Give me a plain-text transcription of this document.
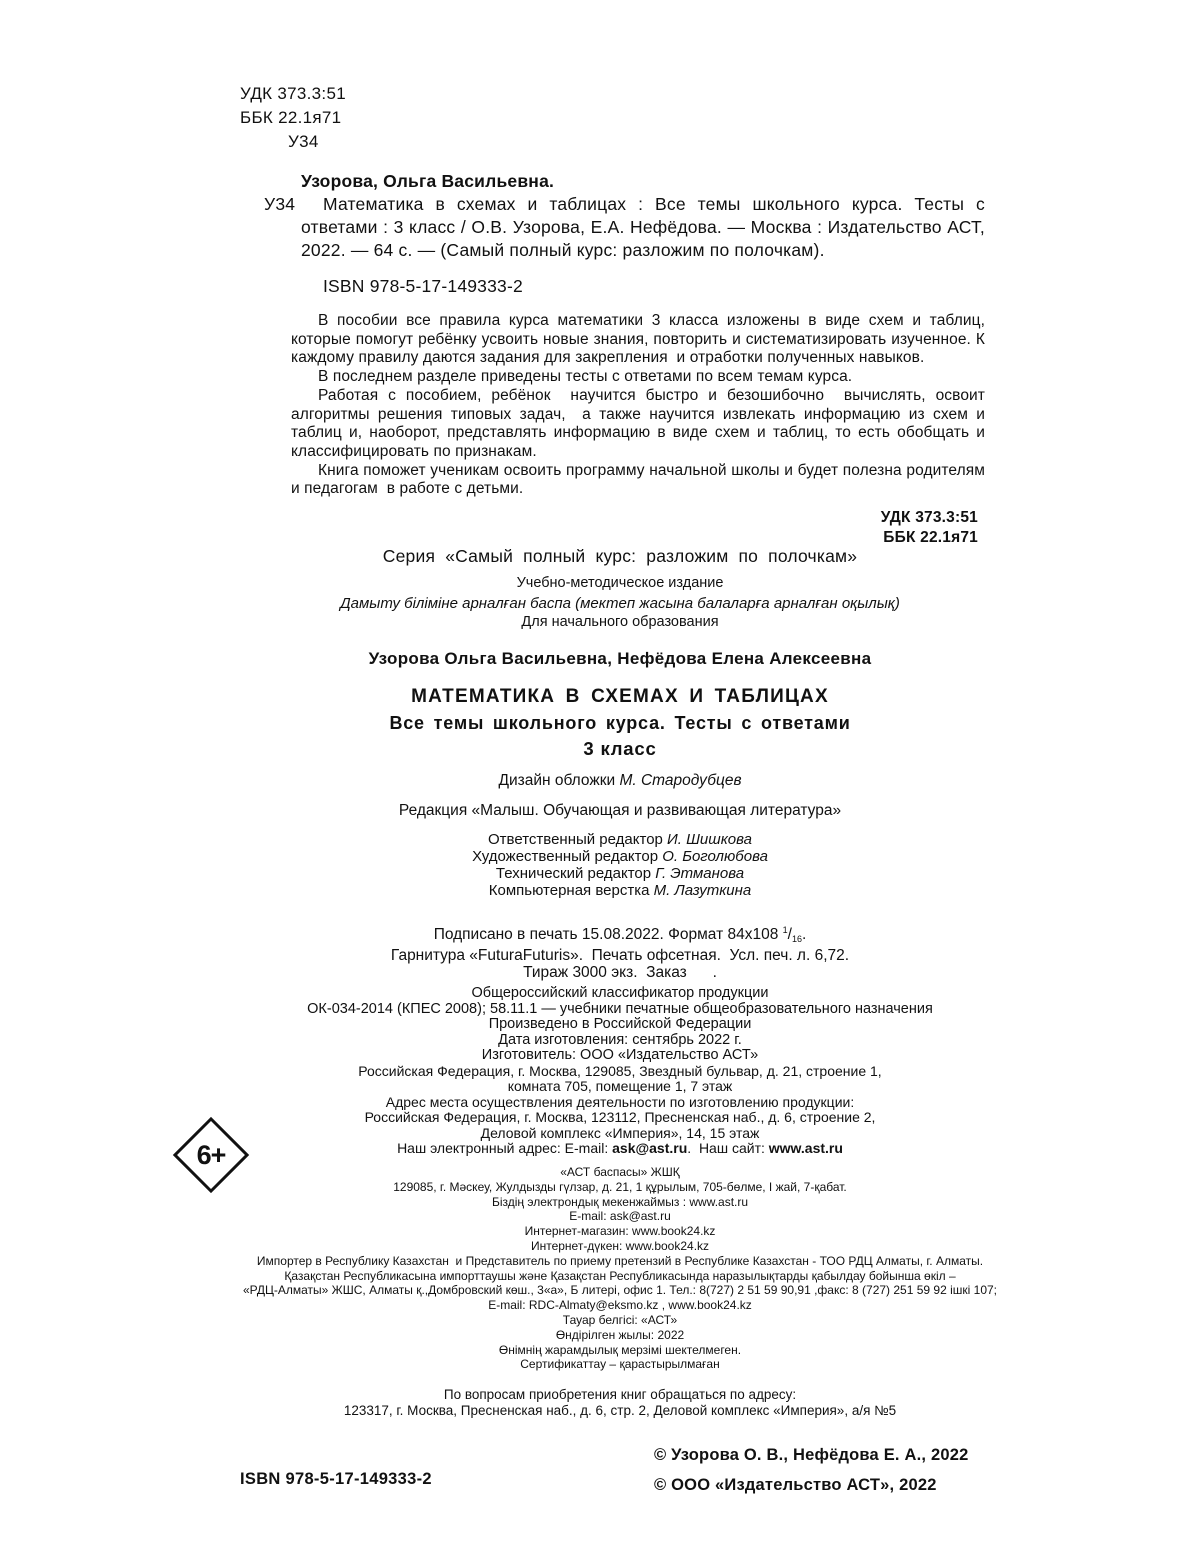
УДК 373.3:51
ББК 22.1я71
У34
Узорова, Ольга Васильевна.
У34 Математика в схемах и таблицах : Все темы школьного курса. Тесты с ответами : 3 класс / О.В. Узорова, Е.А. Нефёдова. — Москва : Издательство АСТ, 2022. — 64 с. — (Самый полный курс: разложим по полочкам).
ISBN 978-5-17-149333-2

В пособии все правила курса математики 3 класса изложены в виде схем и таблиц, которые помогут ребёнку усвоить новые знания, повторить и систематизировать изученное. К каждому правилу даются задания для закрепления  и отработки полученных навыков.

В последнем разделе приведены тесты с ответами по всем темам курса.

Работая с пособием, ребёнок  научится быстро и безошибочно  вычислять, освоит алгоритмы решения типовых задач,  а также научится извлекать информацию из схем и таблиц и, наоборот, представлять информацию в виде схем и таблиц, то есть обобщать и классифицировать по признакам.

Книга поможет ученикам освоить программу начальной школы и будет полезна родителям и педагогам  в работе с детьми.

УДК 373.3:51
ББК 22.1я71
Серия «Самый полный курс: разложим по полочкам»
Учебно-методическое издание
Дамыту біліміне арналған баспа (мектеп жасына балаларға арналған оқылық)
Для начального образования
Узорова Ольга Васильевна, Нефёдова Елена Алексеевна
МАТЕМАТИКА В СХЕМАХ И ТАБЛИЦАХ
Все темы школьного курса. Тесты с ответами
3 класс
Дизайн обложки М. Стародубцев
Редакция «Малыш. Обучающая и развивающая литература»
Ответственный редактор И. Шишкова
Художественный редактор О. Боголюбова
Технический редактор Г. Этманова
Компьютерная верстка М. Лазуткина
Подписано в печать 15.08.2022. Формат 84х108 $^1/_{16}$.
Гарнитура «FuturaFuturis».  Печать офсетная.  Усл. печ. л. 6,72.
Тираж 3000 экз.  Заказ      .
Общероссийский классификатор продукции
ОК-034-2014 (КПЕС 2008); 58.11.1 — учебники печатные общеобразовательного назначения
Произведено в Российской Федерации
Дата изготовления: сентябрь 2022 г.
Изготовитель: ООО «Издательство АСТ»
Российская Федерация, г. Москва, 129085, Звездный бульвар, д. 21, строение 1,
комната 705, помещение 1, 7 этаж
Адрес места осуществления деятельности по изготовлению продукции:
Российская Федерация, г. Москва, 123112, Пресненская наб., д. 6, строение 2,
Деловой комплекс «Империя», 14, 15 этаж
Наш электронный адрес: E-mail: ask@ast.ru.  Наш сайт: www.ast.ru
«АСТ баспасы» ЖШҚ
129085, г. Мәскеу, Жулдызды гүлзар, д. 21, 1 құрылым, 705-бөлме, I жай, 7-қабат.
Біздің электрондық мекенжаймыз : www.ast.ru
E-mail: ask@ast.ru
Интернет-магазин: www.book24.kz
Интернет-дүкен: www.book24.kz
Импортер в Республику Казахстан  и Представитель по приему претензий в Республике Казахстан - ТОО РДЦ Алматы, г. Алматы.
Қазақстан Республикасына импорттаушы және Қазақстан Республикасында наразылықтарды қабылдау бойынша өкіл –
«РДЦ-Алматы» ЖШС, Алматы қ.,Домбровский көш., 3«а», Б литері, офис 1. Тел.: 8(727) 2 51 59 90,91 ,факс: 8 (727) 251 59 92 ішкі 107;
E-mail: RDC-Almaty@eksmo.kz , www.book24.kz
Тауар белгісі: «АСТ»
Өндірілген жылы: 2022
Өнімнің жарамдылық мерзімі шектелмеген.
Сертификаттау – қарастырылмаған
По вопросам приобретения книг обращаться по адресу:
123317, г. Москва, Пресненская наб., д. 6, стр. 2, Деловой комплекс «Империя», а/я №5
6+
ISBN 978-5-17-149333-2
© Узорова О. В., Нефёдова Е. А., 2022
© ООО «Издательство АСТ», 2022
